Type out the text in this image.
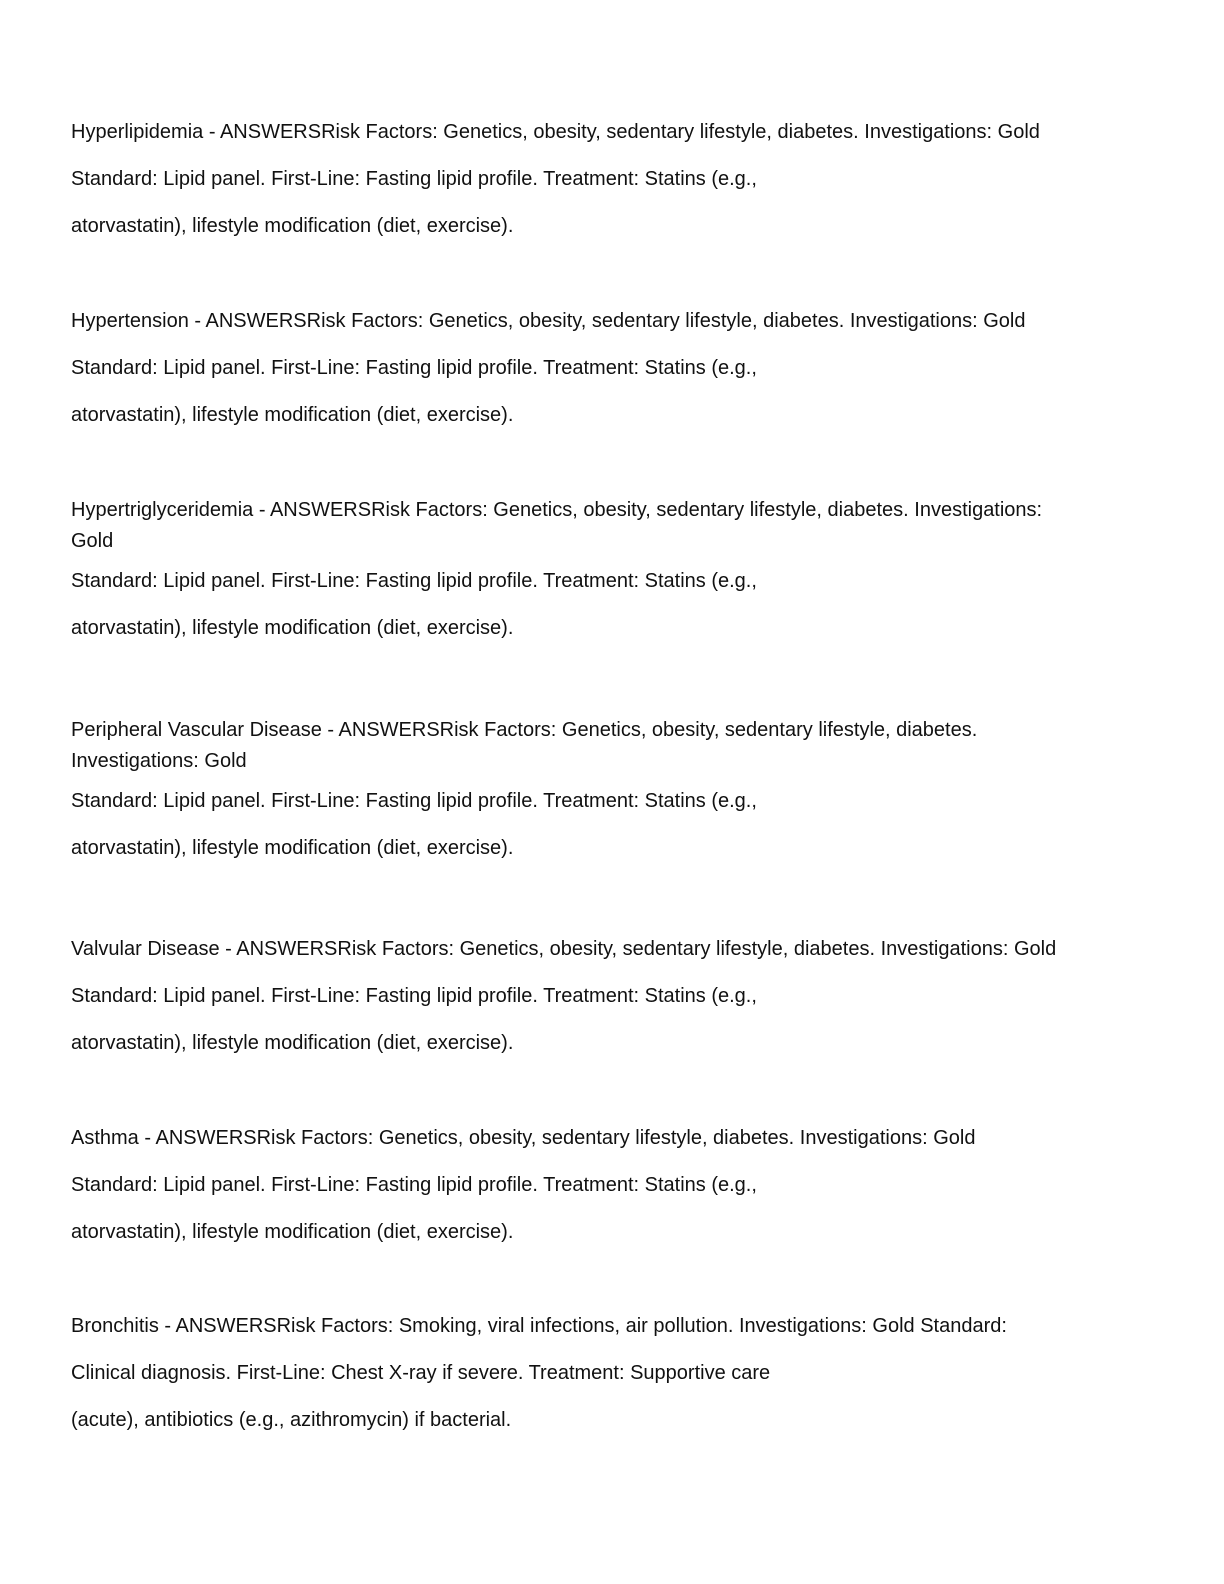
Hyperlipidemia - ANSWERSRisk Factors: Genetics, obesity, sedentary lifestyle, diabetes. Investigations: Gold
Standard: Lipid panel. First-Line: Fasting lipid profile. Treatment: Statins (e.g.,
atorvastatin), lifestyle modification (diet, exercise).
Hypertension - ANSWERSRisk Factors: Genetics, obesity, sedentary lifestyle, diabetes. Investigations: Gold
Standard: Lipid panel. First-Line: Fasting lipid profile. Treatment: Statins (e.g.,
atorvastatin), lifestyle modification (diet, exercise).
Hypertriglyceridemia - ANSWERSRisk Factors: Genetics, obesity, sedentary lifestyle, diabetes. Investigations:
Gold
Standard: Lipid panel. First-Line: Fasting lipid profile. Treatment: Statins (e.g.,
atorvastatin), lifestyle modification (diet, exercise).
Peripheral Vascular Disease - ANSWERSRisk Factors: Genetics, obesity, sedentary lifestyle, diabetes.
Investigations: Gold
Standard: Lipid panel. First-Line: Fasting lipid profile. Treatment: Statins (e.g.,
atorvastatin), lifestyle modification (diet, exercise).
Valvular Disease - ANSWERSRisk Factors: Genetics, obesity, sedentary lifestyle, diabetes. Investigations: Gold
Standard: Lipid panel. First-Line: Fasting lipid profile. Treatment: Statins (e.g.,
atorvastatin), lifestyle modification (diet, exercise).
Asthma - ANSWERSRisk Factors: Genetics, obesity, sedentary lifestyle, diabetes. Investigations: Gold
Standard: Lipid panel. First-Line: Fasting lipid profile. Treatment: Statins (e.g.,
atorvastatin), lifestyle modification (diet, exercise).
Bronchitis - ANSWERSRisk Factors: Smoking, viral infections, air pollution. Investigations: Gold Standard:
Clinical diagnosis. First-Line: Chest X-ray if severe. Treatment: Supportive care
(acute), antibiotics (e.g., azithromycin) if bacterial.
